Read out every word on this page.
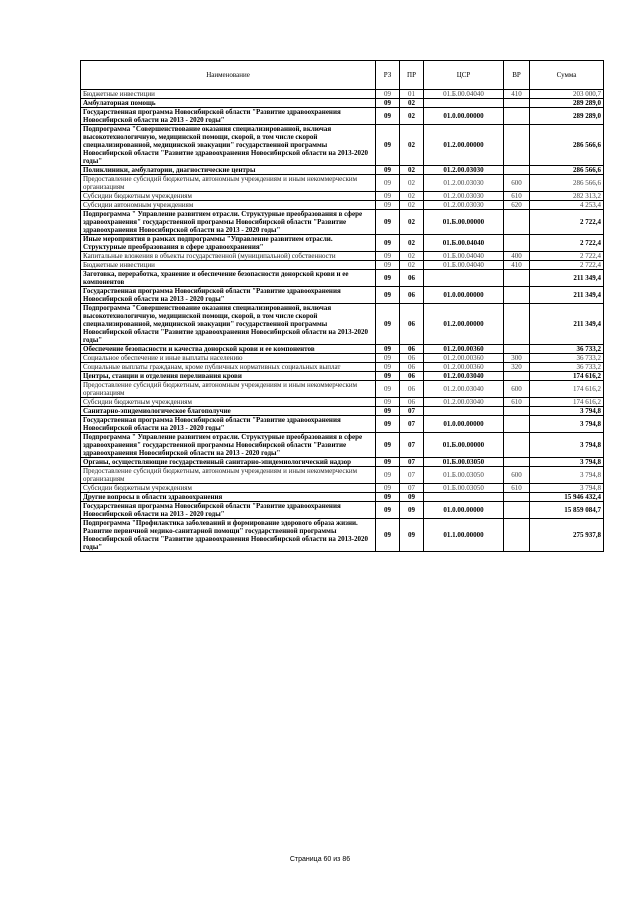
Наименование	РЗ	ПР	ЦСР	ВР	Сумма
Бюджетные инвестиции	09	01	01.Б.00.04040	410	203 000,7
Амбулаторная помощь	09	02			289 289,0
Государственная программа Новосибирской области "Развитие здравоохранения Новосибирской области на 2013 - 2020 годы"	09	02	01.0.00.00000		289 289,0
Подпрограмма "Совершенствование оказания специализированной, включая высокотехнологичную, медицинской помощи, скорой, в том числе скорой специализированной, медицинской эвакуации" государственной программы Новосибирской области "Развитие здравоохранения Новосибирской области на 2013-2020 годы"	09	02	01.2.00.00000		286 566,6
Поликлиники, амбулатории, диагностические центры	09	02	01.2.00.03030		286 566,6
Предоставление субсидий бюджетным, автономным учреждениям и иным некоммерческим организациям	09	02	01.2.00.03030	600	286 566,6
Субсидии бюджетным учреждениям	09	02	01.2.00.03030	610	282 313,2
Субсидии автономным учреждениям	09	02	01.2.00.03030	620	4 253,4
Подпрограмма " Управление развитием отрасли. Структурные преобразования в сфере здравоохранения" государственной программы Новосибирской области "Развитие здравоохранения Новосибирской области на 2013 - 2020 годы"	09	02	01.Б.00.00000		2 722,4
Иные мероприятия в рамках подпрограммы "Управление развитием отрасли. Структурные преобразования в сфере здравоохранения"	09	02	01.Б.00.04040		2 722,4
Капитальные вложения в объекты государственной (муниципальной) собственности	09	02	01.Б.00.04040	400	2 722,4
Бюджетные инвестиции	09	02	01.Б.00.04040	410	2 722,4
Заготовка, переработка, хранение и обеспечение безопасности донорской крови и ее компонентов	09	06			211 349,4
Государственная программа Новосибирской области "Развитие здравоохранения Новосибирской области на 2013 - 2020 годы"	09	06	01.0.00.00000		211 349,4
Подпрограмма "Совершенствование оказания специализированной, включая высокотехнологичную, медицинской помощи, скорой, в том числе скорой специализированной, медицинской эвакуации" государственной программы Новосибирской области "Развитие здравоохранения Новосибирской области на 2013-2020 годы"	09	06	01.2.00.00000		211 349,4
Обеспечение безопасности и качества донорской крови и ее компонентов	09	06	01.2.00.00360		36 733,2
Социальное обеспечение и иные выплаты населению	09	06	01.2.00.00360	300	36 733,2
Социальные выплаты гражданам, кроме публичных нормативных социальных выплат	09	06	01.2.00.00360	320	36 733,2
Центры, станции и отделения переливания крови	09	06	01.2.00.03040		174 616,2
Предоставление субсидий бюджетным, автономным учреждениям и иным некоммерческим организациям	09	06	01.2.00.03040	600	174 616,2
Субсидии бюджетным учреждениям	09	06	01.2.00.03040	610	174 616,2
Санитарно-эпидемиологическое благополучие	09	07			3 794,8
Государственная программа Новосибирской области "Развитие здравоохранения Новосибирской области на 2013 - 2020 годы"	09	07	01.0.00.00000		3 794,8
Подпрограмма " Управление развитием отрасли. Структурные преобразования в сфере здравоохранения" государственной программы Новосибирской области "Развитие здравоохранения Новосибирской области на 2013 - 2020 годы"	09	07	01.Б.00.00000		3 794,8
Органы, осуществляющие государственный санитарно-эпидемиологический надзор	09	07	01.Б.00.03050		3 794,8
Предоставление субсидий бюджетным, автономным учреждениям и иным некоммерческим организациям	09	07	01.Б.00.03050	600	3 794,8
Субсидии бюджетным учреждениям	09	07	01.Б.00.03050	610	3 794,8
Другие вопросы в области здравоохранения	09	09			15 946 432,4
Государственная программа Новосибирской области "Развитие здравоохранения Новосибирской области на 2013 - 2020 годы"	09	09	01.0.00.00000		15 859 084,7
Подпрограмма "Профилактика заболеваний и формирование здорового образа жизни. Развитие первичной медико-санитарной помощи" государственной программы Новосибирской области "Развитие здравоохранения Новосибирской области на 2013-2020 годы"	09	09	01.1.00.00000		275 937,8
Страница 60 из 86
